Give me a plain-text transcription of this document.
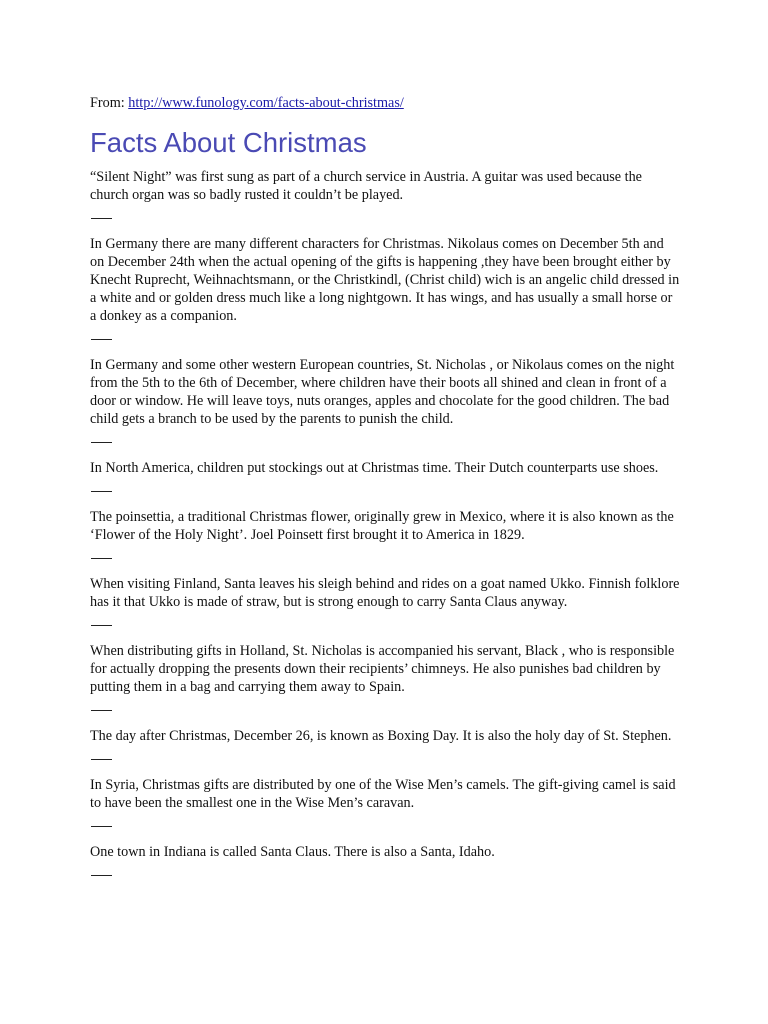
From: http://www.funology.com/facts-about-christmas/

Facts About Christmas

“Silent Night” was first sung as part of a church service in Austria. A guitar was used because the church organ was so badly rusted it couldn’t be played.

In Germany there are many different characters for Christmas. Nikolaus comes on December 5th and on December 24th when the actual opening of the gifts is happening ,they have been brought either by Knecht Ruprecht, Weihnachtsmann, or the Christkindl, (Christ child) wich is an angelic child dressed in a white and or golden dress much like a long nightgown. It has wings, and has usually a small horse or a donkey as a companion.

In Germany and some other western European countries, St. Nicholas , or Nikolaus comes on the night from the 5th to the 6th of December, where children have their boots all shined and clean in front of a door or window. He will leave toys, nuts oranges, apples and chocolate for the good children. The bad child gets a branch to be used by the parents to punish the child.

In North America, children put stockings out at Christmas time. Their Dutch counterparts use shoes.

The poinsettia, a traditional Christmas flower, originally grew in Mexico, where it is also known as the ‘Flower of the Holy Night’. Joel Poinsett first brought it to America in 1829.

When visiting Finland, Santa leaves his sleigh behind and rides on a goat named Ukko. Finnish folklore has it that Ukko is made of straw, but is strong enough to carry Santa Claus anyway.

When distributing gifts in Holland, St. Nicholas is accompanied his servant, Black , who is responsible for actually dropping the presents down their recipients’ chimneys. He also punishes bad children by putting them in a bag and carrying them away to Spain.

The day after Christmas, December 26, is known as Boxing Day. It is also the holy day of St. Stephen.

In Syria, Christmas gifts are distributed by one of the Wise Men’s camels. The gift-giving camel is said to have been the smallest one in the Wise Men’s caravan.

One town in Indiana is called Santa Claus. There is also a Santa, Idaho.
